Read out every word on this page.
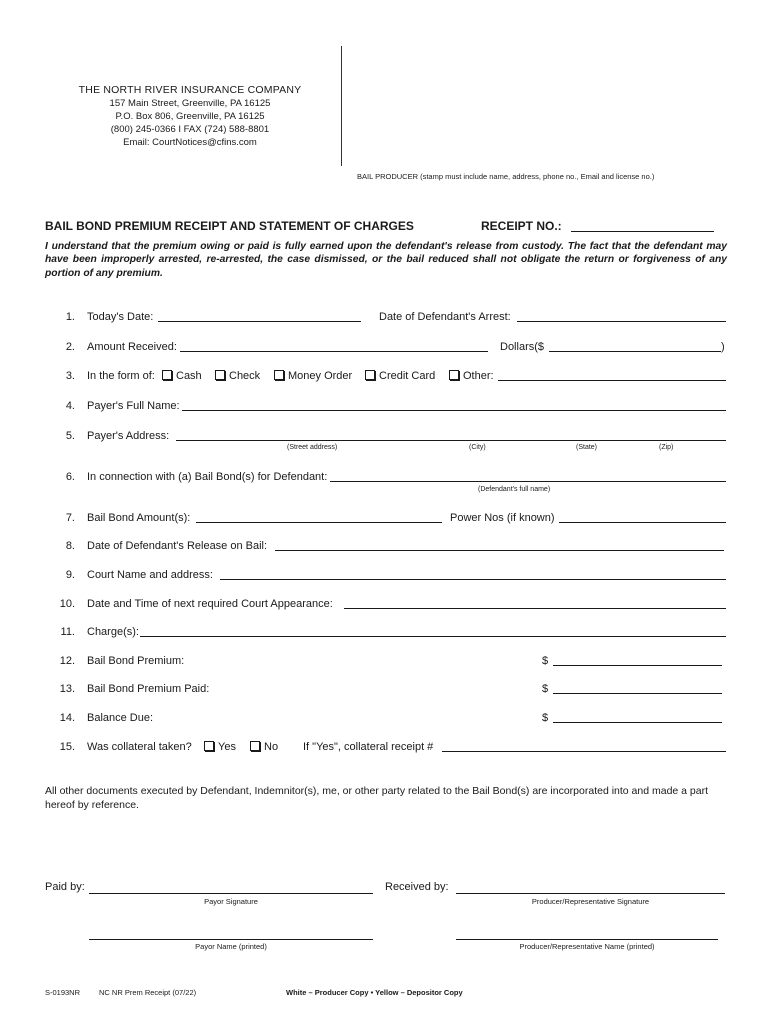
THE NORTH RIVER INSURANCE COMPANY
157 Main Street, Greenville, PA 16125
P.O. Box 806, Greenville, PA 16125
(800) 245-0366 I FAX (724) 588-8801
Email: CourtNotices@cfins.com
BAIL PRODUCER (stamp must include name, address, phone no., Email and license no.)
BAIL BOND PREMIUM RECEIPT AND STATEMENT OF CHARGES	RECEIPT NO.:
I understand that the premium owing or paid is fully earned upon the defendant's release from custody. The fact that the defendant may have been improperly arrested, re-arrested, the case dismissed, or the bail reduced shall not obligate the return or forgiveness of any portion of any premium.
1. Today's Date:	Date of Defendant's Arrest:
2. Amount Received:	Dollars($	)
3. In the form of:	Cash	Check	Money Order	Credit Card	Other:
4. Payer's Full Name:
5. Payer's Address:
(Street address)	(City)	(State)	(Zip)
6. In connection with (a) Bail Bond(s) for Defendant:
(Defendant's full name)
7. Bail Bond Amount(s):	Power Nos (if known)
8. Date of Defendant's Release on Bail:
9. Court Name and address:
10. Date and Time of next required Court Appearance:
11. Charge(s):
12. Bail Bond Premium:	$
13. Bail Bond Premium Paid:	$
14. Balance Due:	$
15. Was collateral taken?	Yes	No If "Yes", collateral receipt #
All other documents executed by Defendant, Indemnitor(s), me, or other party related to the Bail Bond(s) are incorporated into and made a part hereof by reference.
Paid by:
Payor Signature
Received by:
Producer/Representative Signature
Payor Name (printed)	Producer/Representative Name (printed)
S-0193NR	NC NR Prem Receipt (07/22)	White – Producer Copy • Yellow – Depositor Copy
